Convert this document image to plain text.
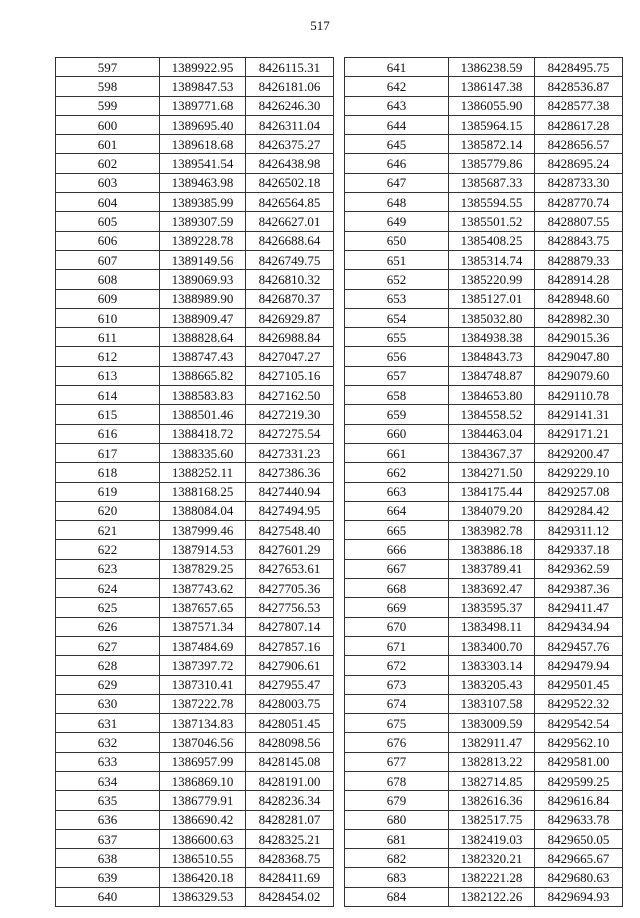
517
597	1389922.95	8426115.31
598	1389847.53	8426181.06
599	1389771.68	8426246.30
600	1389695.40	8426311.04
601	1389618.68	8426375.27
602	1389541.54	8426438.98
603	1389463.98	8426502.18
604	1389385.99	8426564.85
605	1389307.59	8426627.01
606	1389228.78	8426688.64
607	1389149.56	8426749.75
608	1389069.93	8426810.32
609	1388989.90	8426870.37
610	1388909.47	8426929.87
611	1388828.64	8426988.84
612	1388747.43	8427047.27
613	1388665.82	8427105.16
614	1388583.83	8427162.50
615	1388501.46	8427219.30
616	1388418.72	8427275.54
617	1388335.60	8427331.23
618	1388252.11	8427386.36
619	1388168.25	8427440.94
620	1388084.04	8427494.95
621	1387999.46	8427548.40
622	1387914.53	8427601.29
623	1387829.25	8427653.61
624	1387743.62	8427705.36
625	1387657.65	8427756.53
626	1387571.34	8427807.14
627	1387484.69	8427857.16
628	1387397.72	8427906.61
629	1387310.41	8427955.47
630	1387222.78	8428003.75
631	1387134.83	8428051.45
632	1387046.56	8428098.56
633	1386957.99	8428145.08
634	1386869.10	8428191.00
635	1386779.91	8428236.34
636	1386690.42	8428281.07
637	1386600.63	8428325.21
638	1386510.55	8428368.75
639	1386420.18	8428411.69
640	1386329.53	8428454.02
641	1386238.59	8428495.75
642	1386147.38	8428536.87
643	1386055.90	8428577.38
644	1385964.15	8428617.28
645	1385872.14	8428656.57
646	1385779.86	8428695.24
647	1385687.33	8428733.30
648	1385594.55	8428770.74
649	1385501.52	8428807.55
650	1385408.25	8428843.75
651	1385314.74	8428879.33
652	1385220.99	8428914.28
653	1385127.01	8428948.60
654	1385032.80	8428982.30
655	1384938.38	8429015.36
656	1384843.73	8429047.80
657	1384748.87	8429079.60
658	1384653.80	8429110.78
659	1384558.52	8429141.31
660	1384463.04	8429171.21
661	1384367.37	8429200.47
662	1384271.50	8429229.10
663	1384175.44	8429257.08
664	1384079.20	8429284.42
665	1383982.78	8429311.12
666	1383886.18	8429337.18
667	1383789.41	8429362.59
668	1383692.47	8429387.36
669	1383595.37	8429411.47
670	1383498.11	8429434.94
671	1383400.70	8429457.76
672	1383303.14	8429479.94
673	1383205.43	8429501.45
674	1383107.58	8429522.32
675	1383009.59	8429542.54
676	1382911.47	8429562.10
677	1382813.22	8429581.00
678	1382714.85	8429599.25
679	1382616.36	8429616.84
680	1382517.75	8429633.78
681	1382419.03	8429650.05
682	1382320.21	8429665.67
683	1382221.28	8429680.63
684	1382122.26	8429694.93
